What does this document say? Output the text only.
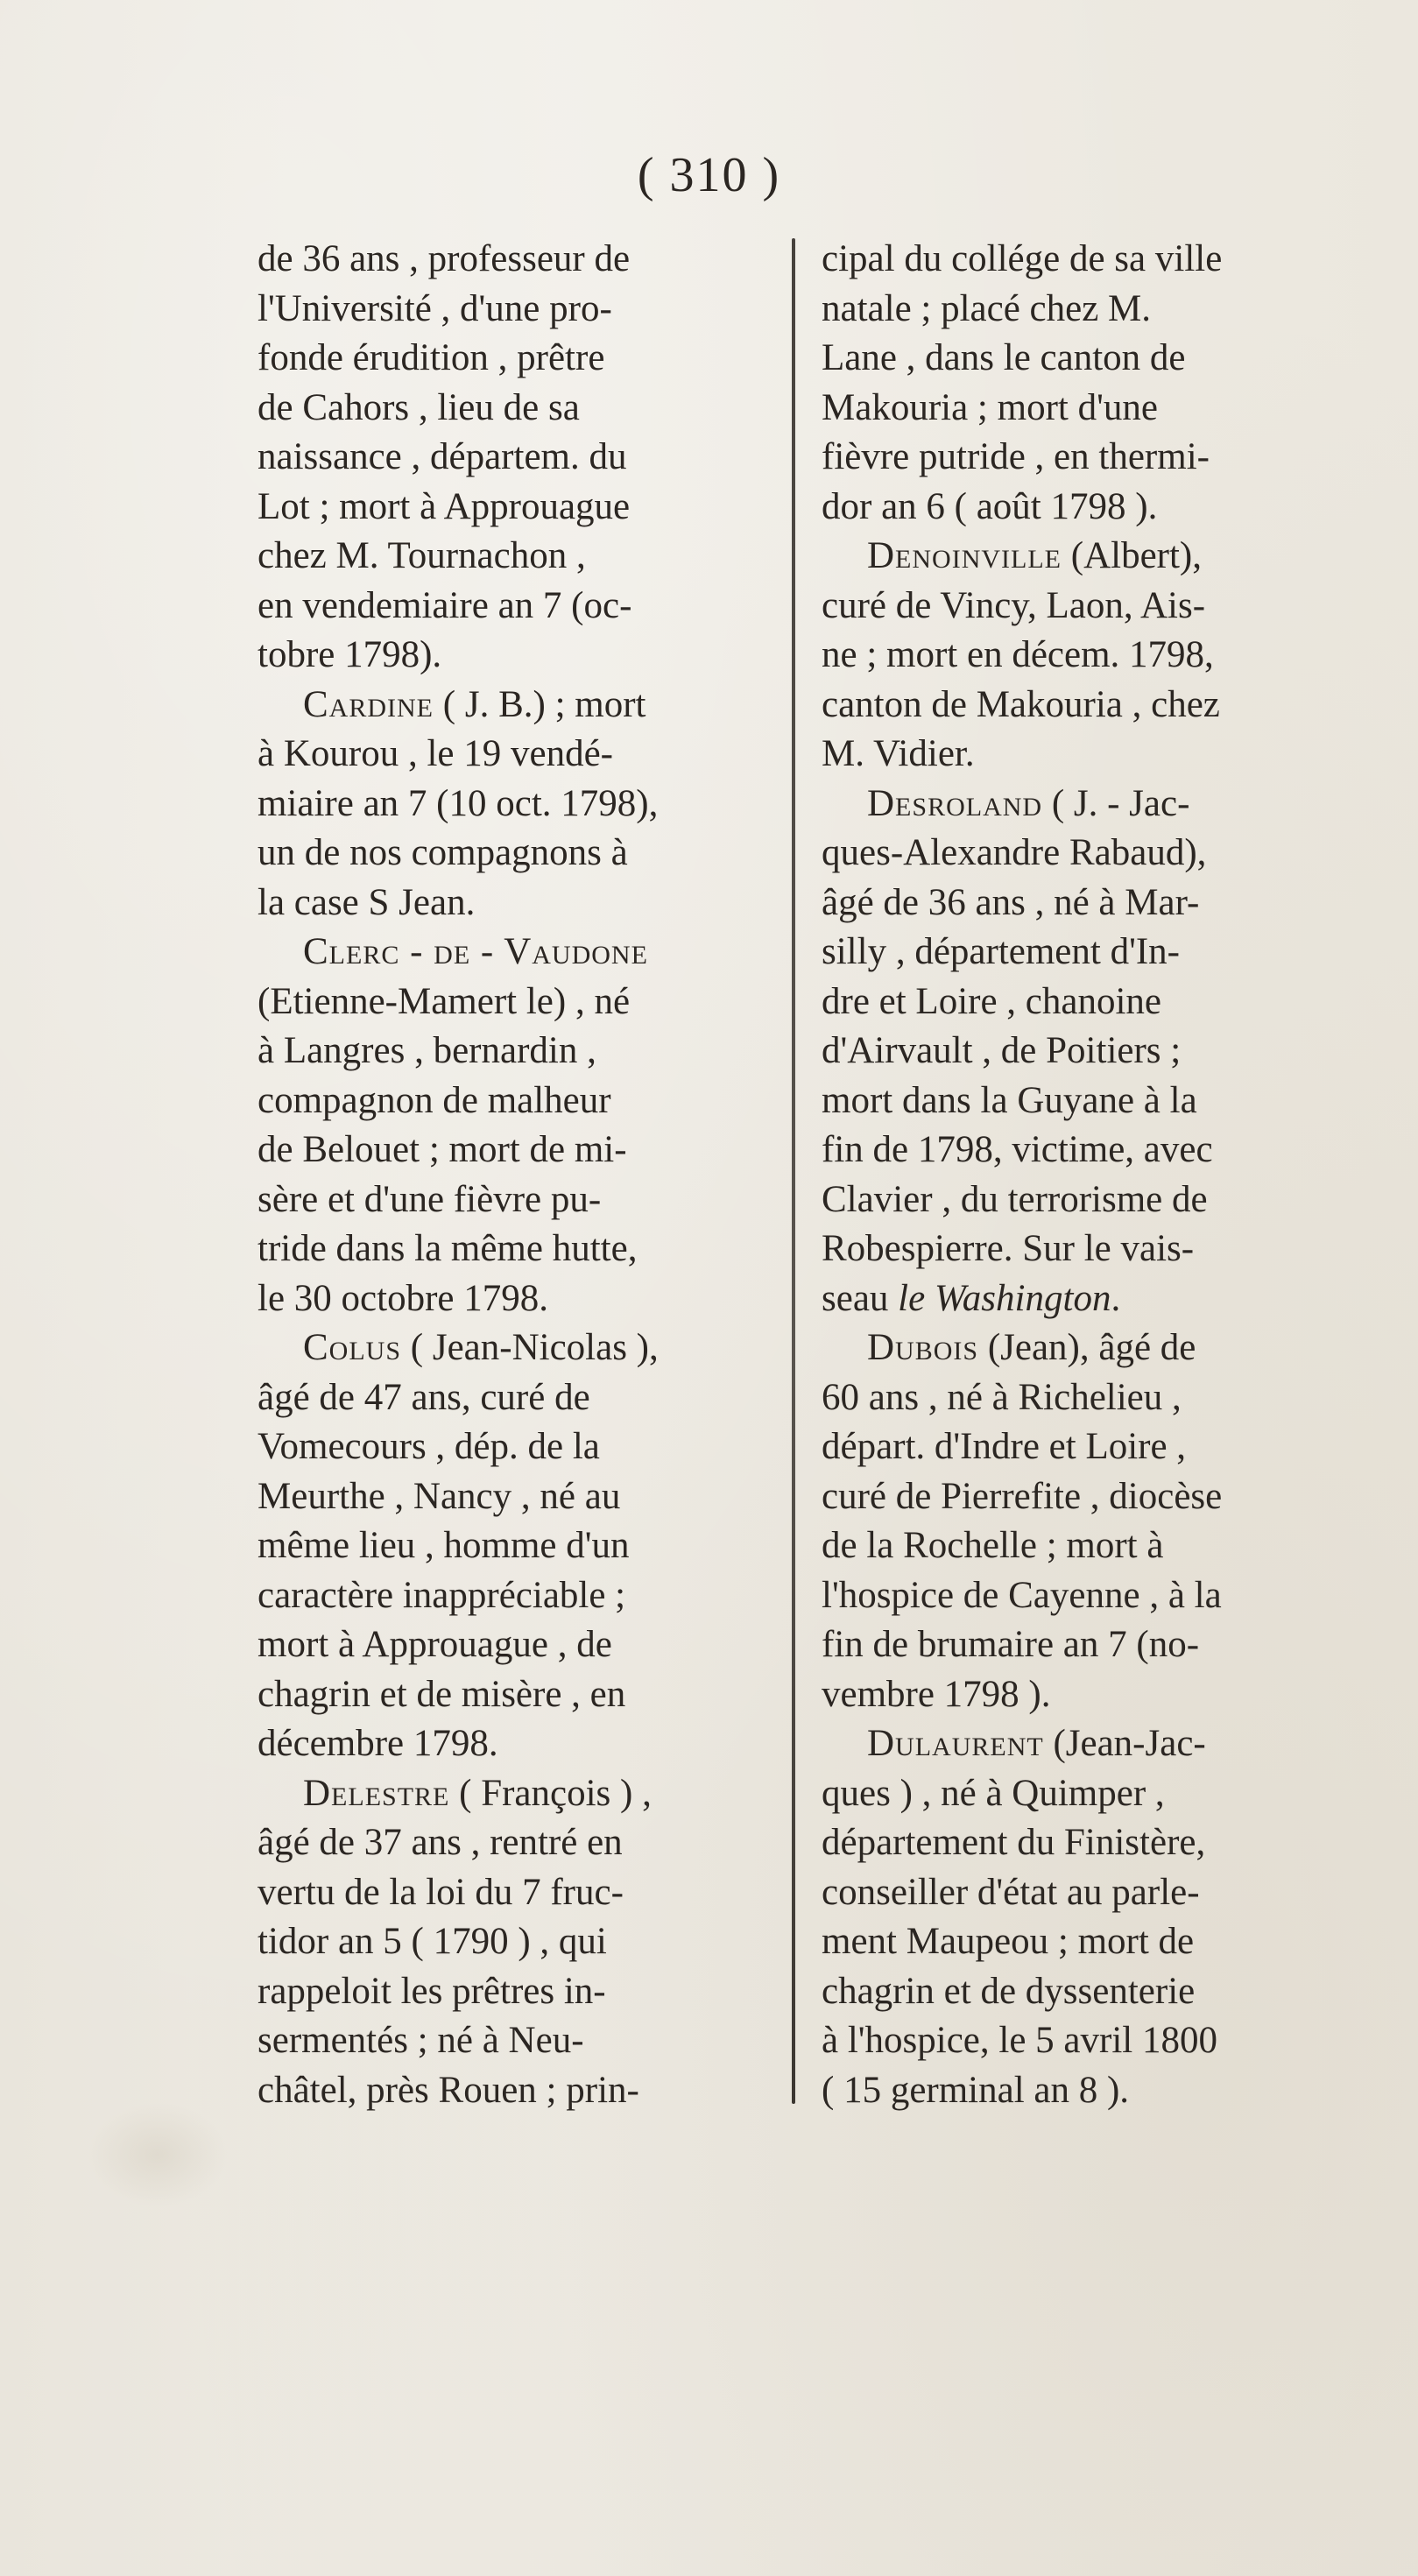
( 310 )
de 36 ans , professeur de
l'Université , d'une pro-
fonde érudition , prêtre
de Cahors , lieu de sa
naissance , départem. du
Lot ; mort à Approuague
chez M. Tournachon ,
en vendemiaire an 7 (oc-
tobre 1798).
Cardine ( J. B.) ; mort
à Kourou , le 19 vendé-
miaire an 7 (10 oct. 1798),
un de nos compagnons à
la case S Jean.
Clerc - de - Vaudone
(Etienne-Mamert le) , né
à Langres , bernardin ,
compagnon de malheur
de Belouet ; mort de mi-
sère et d'une fièvre pu-
tride dans la même hutte,
le 30 octobre 1798.
Colus ( Jean-Nicolas ),
âgé de 47 ans, curé de
Vomecours , dép. de la
Meurthe , Nancy , né au
même lieu , homme d'un
caractère inappréciable ;
mort à Approuague , de
chagrin et de misère , en
décembre 1798.
Delestre ( François ) ,
âgé de 37 ans , rentré en
vertu de la loi du 7 fruc-
tidor an 5 ( 1790 ) , qui
rappeloit les prêtres in-
sermentés ; né à Neu-
châtel, près Rouen ; prin-
cipal du collége de sa ville
natale ; placé chez M.
Lane , dans le canton de
Makouria ; mort d'une
fièvre putride , en thermi-
dor an 6 ( août 1798 ).
Denoinville (Albert),
curé de Vincy, Laon, Ais-
ne ; mort en décem. 1798,
canton de Makouria , chez
M. Vidier.
Desroland ( J. - Jac-
ques-Alexandre Rabaud),
âgé de 36 ans , né à Mar-
silly , département d'In-
dre et Loire , chanoine
d'Airvault , de Poitiers ;
mort dans la Guyane à la
fin de 1798, victime, avec
Clavier , du terrorisme de
Robespierre. Sur le vais-
seau le Washington.
Dubois (Jean), âgé de
60 ans , né à Richelieu ,
départ. d'Indre et Loire ,
curé de Pierrefite , diocèse
de la Rochelle ; mort à
l'hospice de Cayenne , à la
fin de brumaire an 7 (no-
vembre 1798 ).
Dulaurent (Jean-Jac-
ques ) , né à Quimper ,
département du Finistère,
conseiller d'état au parle-
ment Maupeou ; mort de
chagrin et de dyssenterie
à l'hospice, le 5 avril 1800
( 15 germinal an 8 ).
